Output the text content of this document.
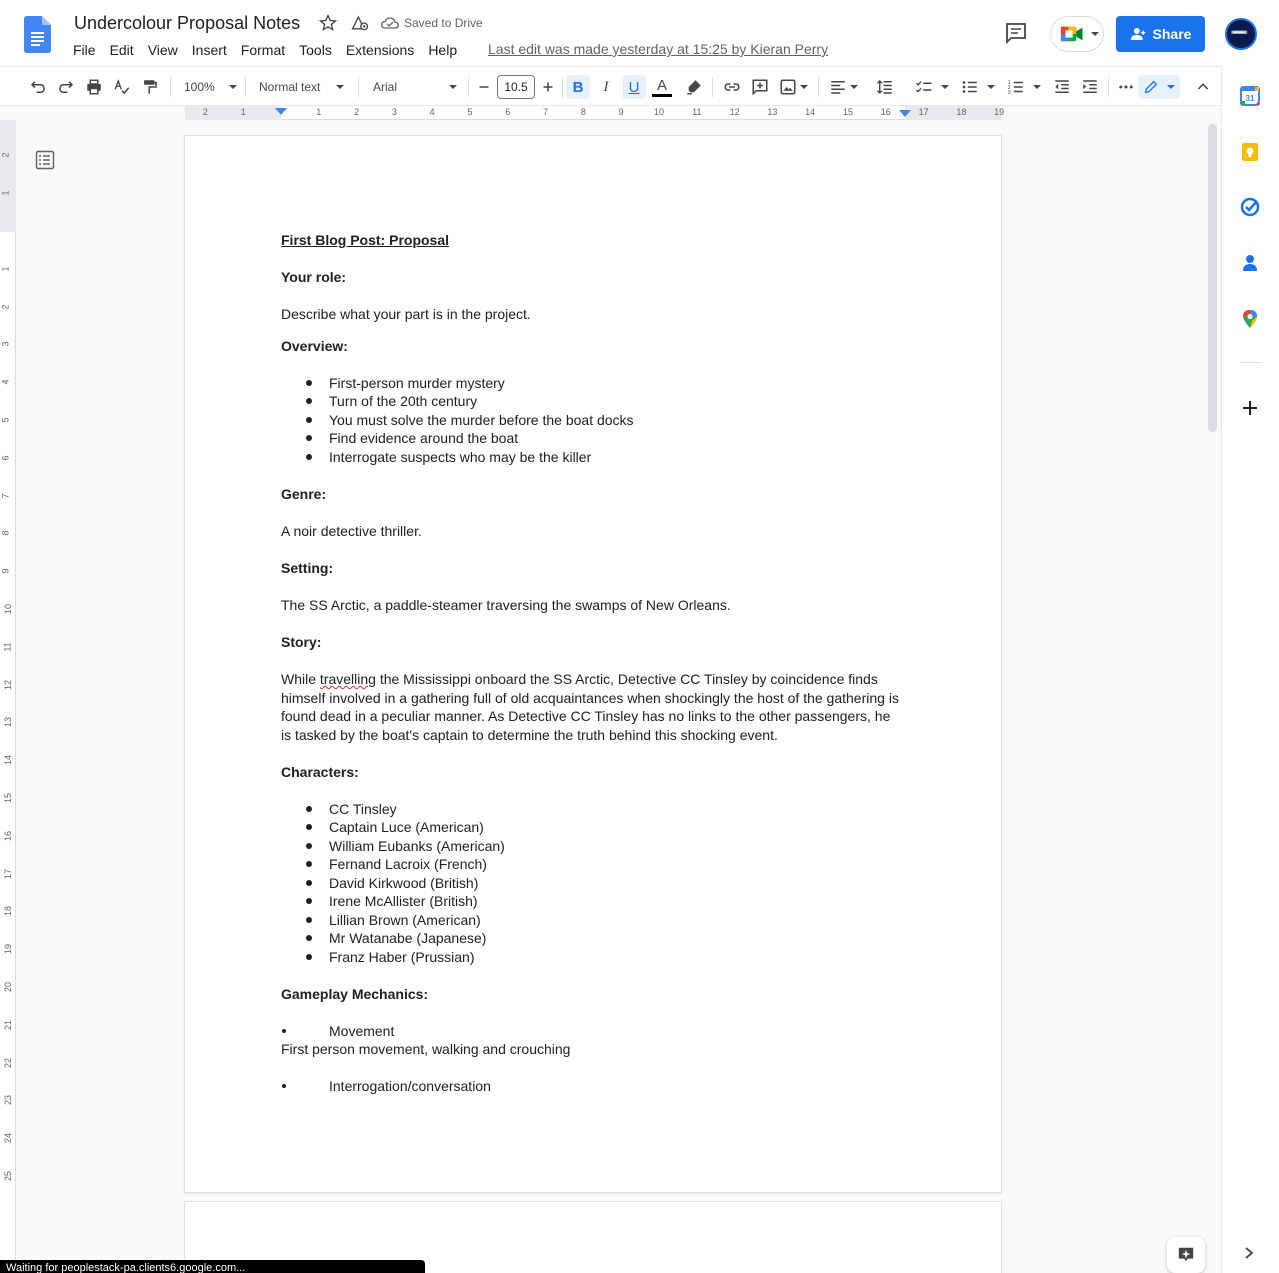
Undercolour Proposal Notes	Saved to Drive
File	Edit	View	Insert	Format	Tools	Extensions	Help	Last edit was made yesterday at 15:25 by Kieran Perry
Share
100%	Normal text	Arial	10.5	B	I	U	A	1
2
3
2	1	1	2	3	4	5	6	7	8	9	10	11	12	13	14	15	16	17	18	19
2
1
1
2
3
4
5
6
7
8
9
10
11
12
13
14
15
16
17
18
19
20
21
22
23
24
25
First Blog Post: Proposal
Your role:
Describe what your part is in the project.
Overview:
First-person murder mystery
Turn of the 20th century
You must solve the murder before the boat docks
Find evidence around the boat
Interrogate suspects who may be the killer
Genre:
A noir detective thriller.
Setting:
The SS Arctic, a paddle-steamer traversing the swamps of New Orleans.
Story:
While travelling the Mississippi onboard the SS Arctic, Detective CC Tinsley by coincidence finds
himself involved in a gathering full of old acquaintances when shockingly the host of the gathering is
found dead in a peculiar manner. As Detective CC Tinsley has no links to the other passengers, he
is tasked by the boat's captain to determine the truth behind this shocking event.
Characters:
CC Tinsley
Captain Luce (American)
William Eubanks (American)
Fernand Lacroix (French)
David Kirkwood (British)
Irene McAllister (British)
Lillian Brown (American)
Mr Watanabe (Japanese)
Franz Haber (Prussian)
Gameplay Mechanics:
Movement
First person movement, walking and crouching
Interrogation/conversation
31
Waiting for peoplestack-pa.clients6.google.com...
